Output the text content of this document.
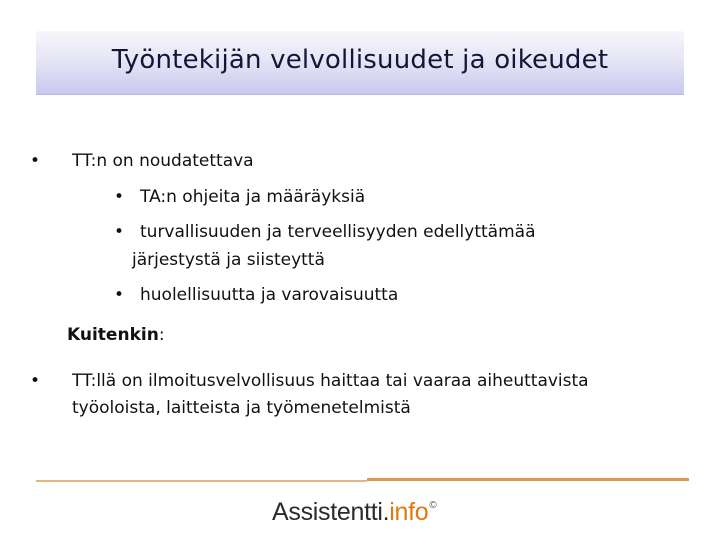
Työntekijän velvollisuudet ja oikeudet
• TT:n on noudatettava
• TA:n ohjeita ja määräyksiä
• turvallisuuden ja terveellisyyden edellyttämää
järjestystä ja siisteyttä
• huolellisuutta ja varovaisuutta
Kuitenkin:
• TT:llä on ilmoitusvelvollisuus haittaa tai vaaraa aiheuttavista
työoloista, laitteista ja työmenetelmistä
Assistentti.info©
